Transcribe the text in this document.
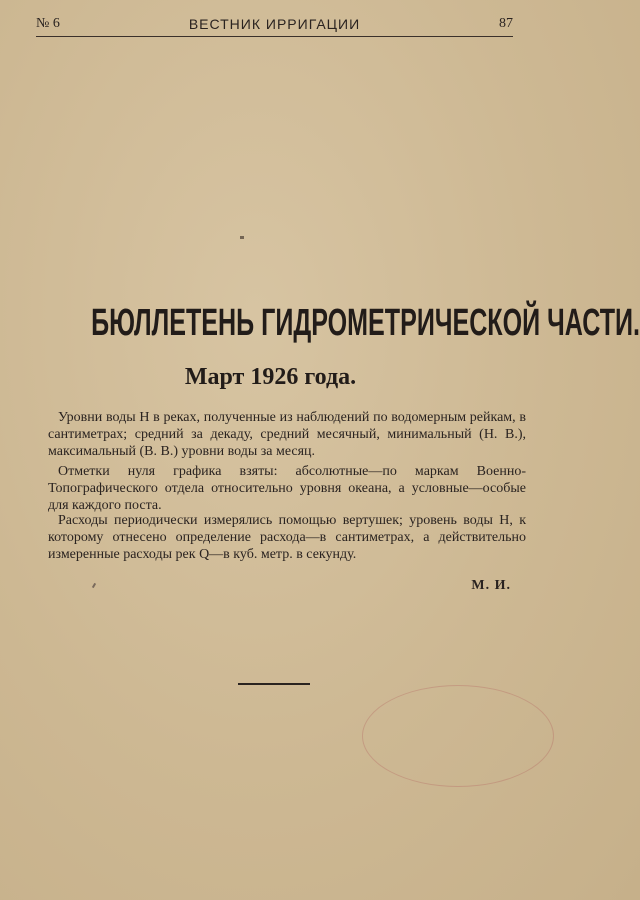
№ 6	ВЕСТНИК ИРРИГАЦИИ	87
БЮЛЛЕТЕНЬ ГИДРОМЕТРИЧЕСКОЙ ЧАСТИ.
Март 1926 года.

Уровни воды H в реках, полученные из наблюдений по водомерным рейкам, в сантиметрах; средний за декаду, средний месячный, минимальный (Н. В.), максимальный (В. В.) уровни воды за месяц.

Отметки нуля графика взяты: абсолютные—по маркам Военно-Топографического отдела относительно уровня океана, а условные—особые для каждого поста.

Расходы периодически измерялись помощью вертушек; уровень воды H, к которому отнесено определение расхода—в сантиметрах, а действительно измеренные расходы рек Q—в куб. метр. в секунду.

М. И.
